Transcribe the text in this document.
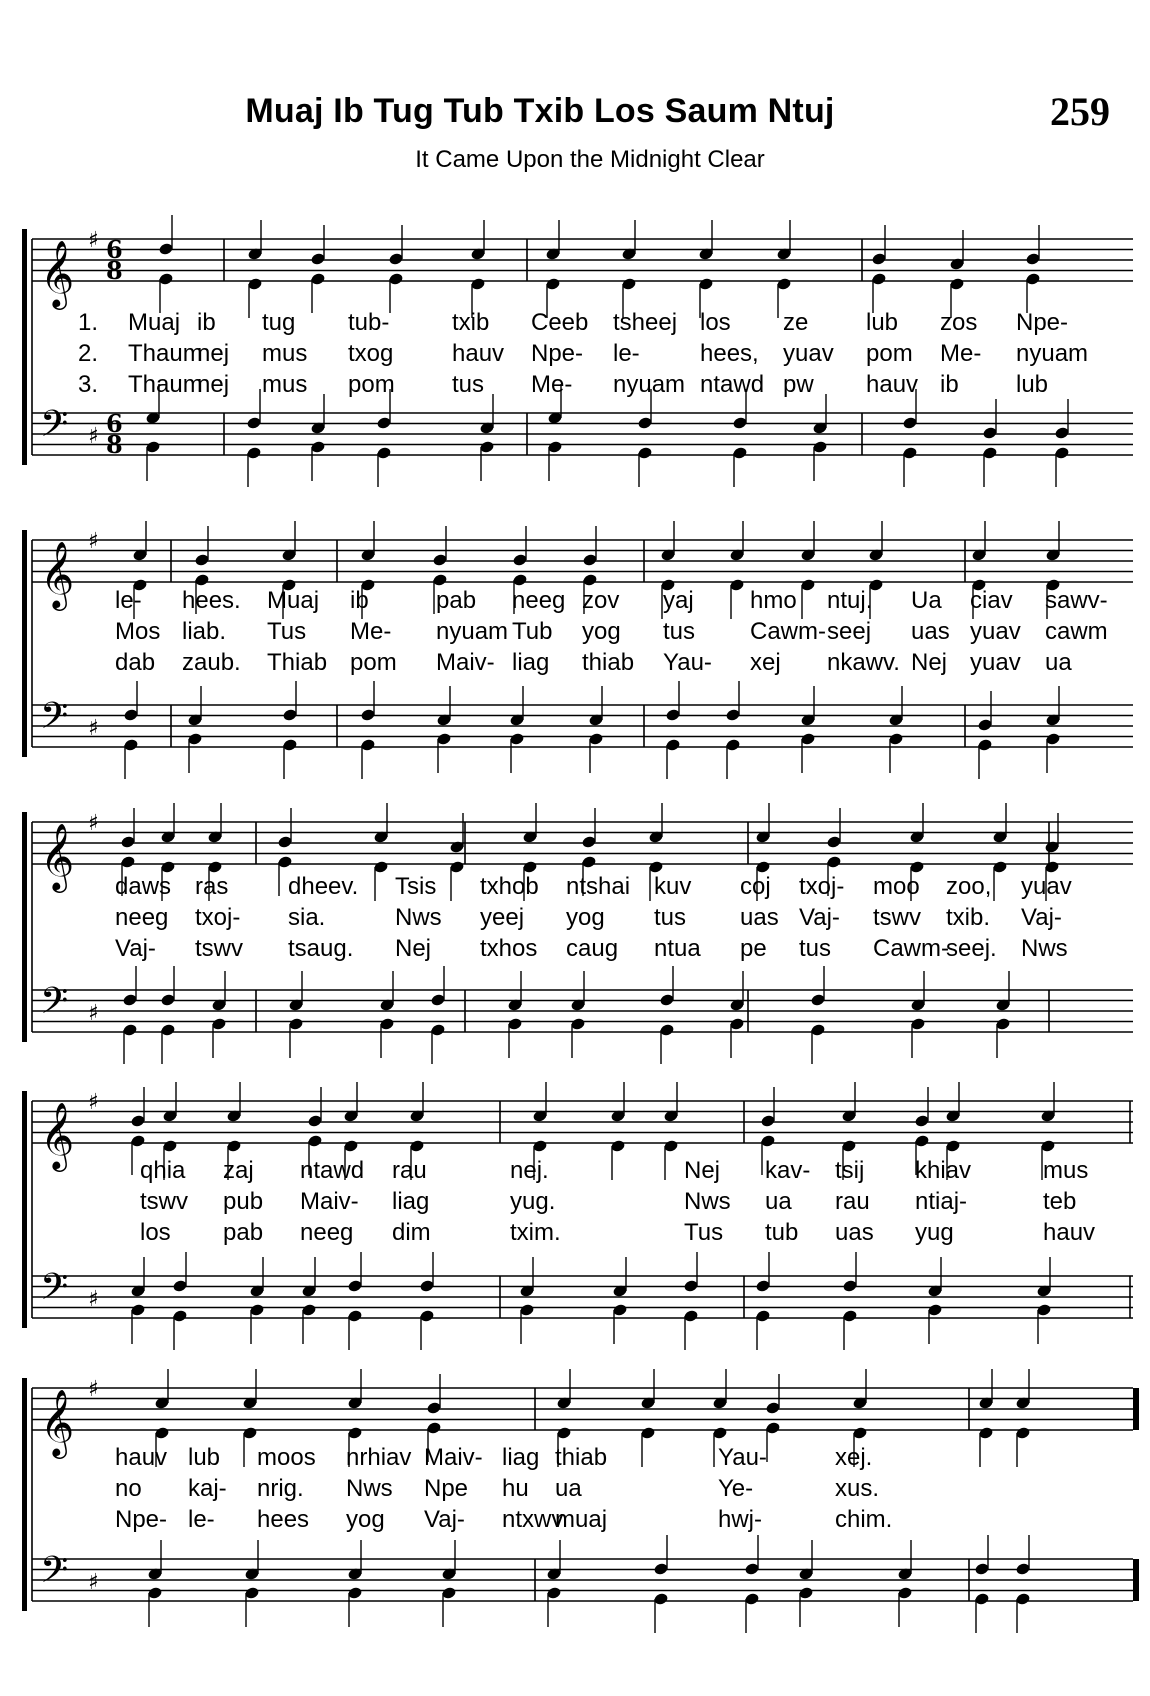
Muaj Ib Tug Tub Txib Los Saum Ntuj	259
It Came Upon the Midnight Clear
𝄞
𝄢
♯
♯
6
8
6
8
1.
2.
3.
Muaj ib tug tub-	txib Ceeb tsheej los ze lub zos Npe-
Thaum
nej mus txog hauv Npe- le-	hees, yuav pom Me- nyuam
Thaum
nej mus pom tus Me- nyuam ntawd pw hauv ib lub
𝄞
𝄢
♯
♯
le- hees. Muaj ib	pab neeg zov yaj hmo ntuj. Ua ciav sawv-
Mos liab. Tus Me- nyuam Tub yog tus Cawm- seej uas yuav cawm
dab zaub. Thiab pom Maiv- liag thiab Yau- xej nkawv. Nej yuav ua
𝄞
𝄢
♯
♯
daws ras dheev. Tsis txhob ntshai kuv coj txoj- moo zoo, yuav
neeg txoj- sia.	Nws yeej yog tus uas Vaj- tswv txib. Vaj-
Vaj- tswv tsaug. Nej txhos caug ntua pe tus Cawm-
seej. Nws
𝄞
𝄢
♯
♯
qhia zaj ntawd rau	nej.	Nej kav- tsij khiav	mus
tswv pub Maiv- liag	yug.	Nws ua rau ntiaj-	teb
los pab neeg dim	txim.	Tus tub uas yug	hauv
𝄞
𝄢
♯
♯
hauv lub moos nrhiav Maiv- liag thiab	Yau-	xej.
no kaj- nrig. Nws Npe hu ua	Ye-	xus.
Npe- le- hees yog Vaj- ntxwv
muaj	hwj-	chim.
